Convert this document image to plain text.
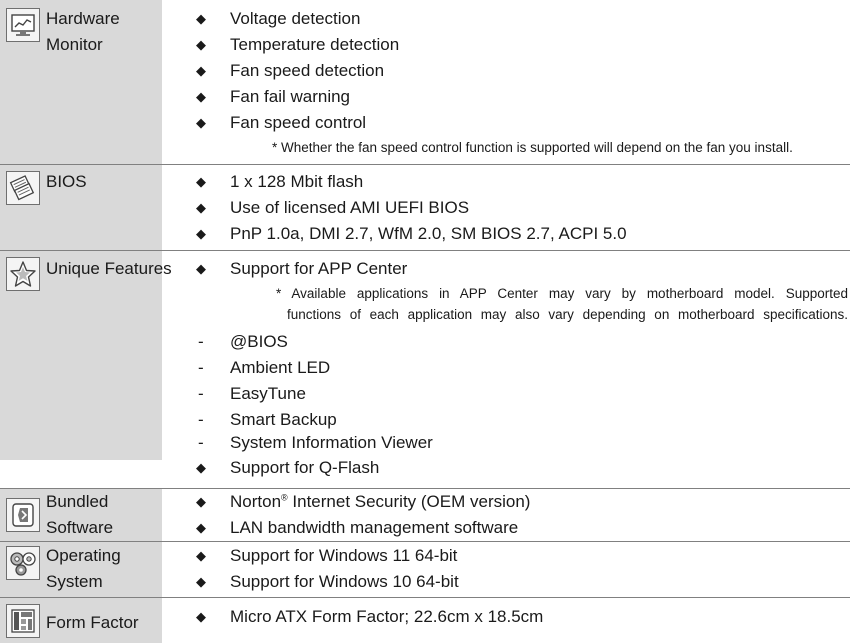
Hardware
Monitor
◆ Voltage detection
◆ Temperature detection
◆ Fan speed detection
◆ Fan fail warning
◆ Fan speed control
* Whether the fan speed control function is supported will depend on the fan you install.
BIOS	◆ 1 x 128 Mbit flash
◆ Use of licensed AMI UEFI BIOS
◆ PnP 1.0a, DMI 2.7, WfM 2.0, SM BIOS 2.7, ACPI 5.0
Unique Features ◆ Support for APP Center
* Available applications in APP Center may vary by motherboard model. Supported
functions of each application may also vary depending on motherboard specifications.
- @BIOS
- Ambient LED
- EasyTune
- Smart Backup
- System Information Viewer
◆ Support for Q-Flash
Bundled
Software
◆ Norton® Internet Security (OEM version)
◆ LAN bandwidth management software
Operating
System
◆ Support for Windows 11 64-bit
◆ Support for Windows 10 64-bit
Form Factor	◆ Micro ATX Form Factor; 22.6cm x 18.5cm
